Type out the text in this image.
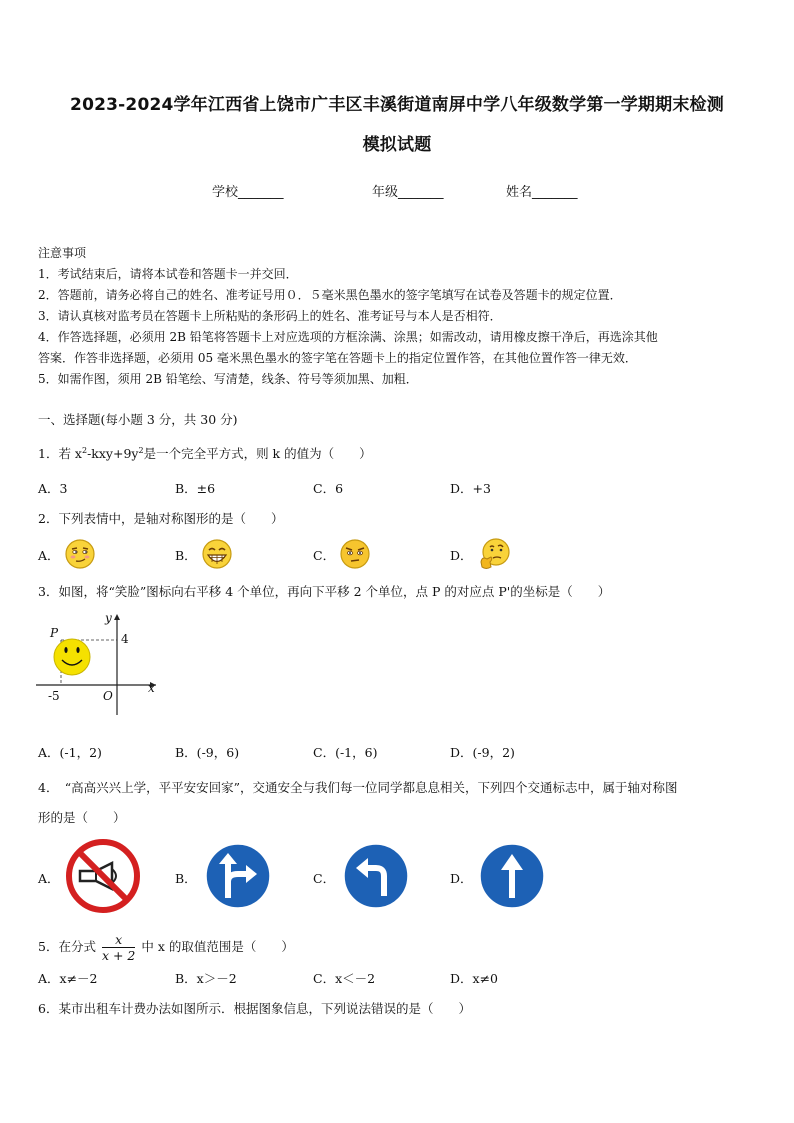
2023-2024学年江西省上饶市广丰区丰溪街道南屏中学八年级数学第一学期期末检测
模拟试题
学校_______	年级_______	姓名_______
注意事项
1．考试结束后，请将本试卷和答题卡一并交回．
2．答题前，请务必将自己的姓名、准考证号用０．５毫米黑色墨水的签字笔填写在试卷及答题卡的规定位置．
3．请认真核对监考员在答题卡上所粘贴的条形码上的姓名、准考证号与本人是否相符．
4．作答选择题，必须用 2B 铅笔将答题卡上对应选项的方框涂满、涂黑；如需改动，请用橡皮擦干净后，再选涂其他
答案．作答非选择题，必须用 05 毫米黑色墨水的签字笔在答题卡上的指定位置作答，在其他位置作答一律无效．
5．如需作图，须用 2B 铅笔绘、写清楚，线条、符号等须加黑、加粗．
一、选择题(每小题 3 分，共 30 分)
1．若 $x^2-kxy+9y^2$是一个完全平方式，则 k 的值为（　　）
A．3	B．±6	C．6	D．+3
2．下列表情中，是轴对称图形的是（　　）
A．	B．	C．	D．
3．如图，将“笑脸”图标向右平移 4 个单位，再向下平移 2 个单位，点 P 的对应点 P'的坐标是（　　）
P
y
4
x
-5	O
A．(-1，2)	B．(-9，6)	C．(-1，6)	D．(-9，2)
4．　“高高兴兴上学，平平安安回家”，交通安全与我们每一位同学都息息相关，下列四个交通标志中，属于轴对称图
形的是（　　）
A．	B．	C．	D．
5．在分式 $\frac{x}{x + 2}$ 中 x 的取值范围是（　　）
A．x≠－2	B．x＞－2	C．x＜－2	D．x≠0
6．某市出租车计费办法如图所示．根据图象信息，下列说法错误的是（　　）
